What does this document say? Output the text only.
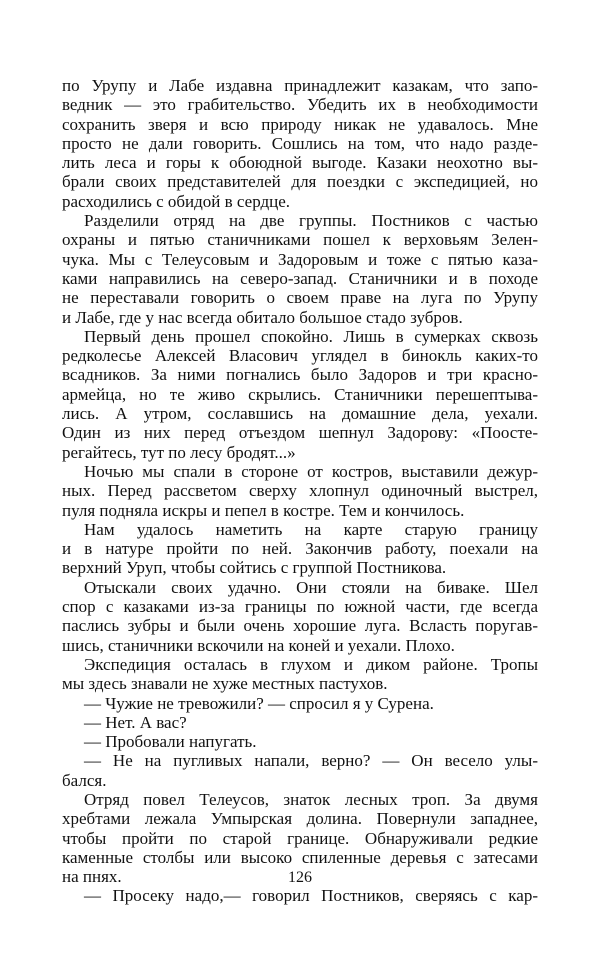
по Урупу и Лабе издавна принадлежит казакам, что запо-
ведник — это грабительство. Убедить их в необходимости
сохранить зверя и всю природу никак не удавалось. Мне
просто не дали говорить. Сошлись на том, что надо разде-
лить леса и горы к обоюдной выгоде. Казаки неохотно вы-
брали своих представителей для поездки с экспедицией, но
расходились с обидой в сердце.
Разделили отряд на две группы. Постников с частью
охраны и пятью станичниками пошел к верховьям Зелен-
чука. Мы с Телеусовым и Задоровым и тоже с пятью каза-
ками направились на северо-запад. Станичники и в походе
не переставали говорить о своем праве на луга по Урупу
и Лабе, где у нас всегда обитало большое стадо зубров.
Первый день прошел спокойно. Лишь в сумерках сквозь
редколесье Алексей Власович углядел в бинокль каких-то
всадников. За ними погнались было Задоров и три красно-
армейца, но те живо скрылись. Станичники перешептыва-
лись. А утром, сославшись на домашние дела, уехали.
Один из них перед отъездом шепнул Задорову: «Поосте-
регайтесь, тут по лесу бродят...»
Ночью мы спали в стороне от костров, выставили дежур-
ных. Перед рассветом сверху хлопнул одиночный выстрел,
пуля подняла искры и пепел в костре. Тем и кончилось.
Нам удалось наметить на карте старую границу
и в натуре пройти по ней. Закончив работу, поехали на
верхний Уруп, чтобы сойтись с группой Постникова.
Отыскали своих удачно. Они стояли на биваке. Шел
спор с казаками из-за границы по южной части, где всегда
паслись зубры и были очень хорошие луга. Всласть поругав-
шись, станичники вскочили на коней и уехали. Плохо.
Экспедиция осталась в глухом и диком районе. Тропы
мы здесь знавали не хуже местных пастухов.
— Чужие не тревожили? — спросил я у Сурена.
— Нет. А вас?
— Пробовали напугать.
— Не на пугливых напали, верно? — Он весело улы-
бался.
Отряд повел Телеусов, знаток лесных троп. За двумя
хребтами лежала Умпырская долина. Повернули западнее,
чтобы пройти по старой границе. Обнаруживали редкие
каменные столбы или высоко спиленные деревья с затесами
на пнях.
— Просеку надо,— говорил Постников, сверяясь с кар-
126
